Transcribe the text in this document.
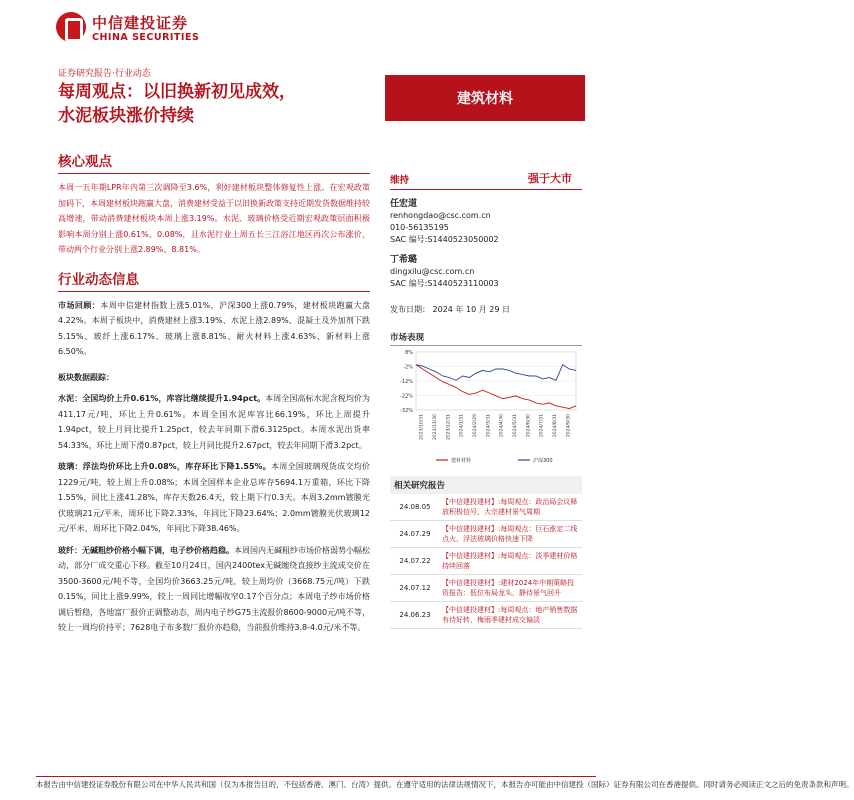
中信建投证券
CHINA SECURITIES
证券研究报告·行业动态
每周观点：以旧换新初见成效，
水泥板块涨价持续
建筑材料
核心观点

本周一五年期LPR年内第三次调降至3.6%，利好建材板块整体修复性上涨。在宏观政策加码下，本周建材板块跑赢大盘，消费建材受益于以旧换新政策支持近期发货数据维持较高增速，带动消费建材板块本周上涨3.19%。水泥、玻璃价格受近期宏观政策层面积极影响本周分别上涨0.61%、0.08%，且水泥行业上周五长三江浴江地区再次公布涨价，带动两个行业分别上涨2.89%、8.81%。

行业动态信息

市场回顾：本周中信建材指数上涨5.01%，沪深300上涨0.79%，建材板块跑赢大盘4.22%。本周子板块中，消费建材上涨3.19%、水泥上涨2.89%、混凝土及外加剂下跌5.15%、玻纤上涨6.17%、玻璃上涨8.81%、耐火材料上涨4.63%、新材料上涨6.50%。

板块数据跟踪：

水泥：全国均价上升0.61%，库容比继续提升1.94pct。本周全国高标水泥含税均价为411.17元/吨，环比上升0.61%。本周全国水泥库容比66.19%，环比上周提升1.94pct，较上月同比提升1.25pct，较去年同期下滑6.3125pct。本周水泥出货率54.33%，环比上周下滑0.87pct，较上月同比提升2.67pct，较去年同期下滑3.2pct。

玻璃：浮法均价环比上升0.08%，库存环比下降1.55%。本周全国玻璃现货成交均价1229元/吨，较上周上升0.08%；本周全国样本企业总库存5694.1万重箱，环比下降1.55%，同比上涨41.28%，库存天数26.4天，较上期下行0.3天。本周3.2mm镀膜光伏玻璃21元/平米，周环比下降2.33%，年同比下降23.64%；2.0mm镀膜光伏玻璃12元/平米，周环比下降2.04%，年同比下降38.46%。

玻纤：无碱粗纱价格小幅下调，电子纱价格趋稳。本周国内无碱粗纱市场价格弱势小幅松动，部分厂成交重心下移。截至10月24日，国内2400tex无碱缠绕直接纱主流成交价在3500-3600元/吨不等，全国均价3663.25元/吨，较上周均价（3668.75元/吨）下跌0.15%，同比上涨9.99%，较上一周同比增幅收窄0.17个百分点；本周电子纱市场价格调后暂稳，各地富厂报价正调整动态，周内电子纱G75主流报价8600-9000元/吨不等，较上一周均价持平；7628电子布多数厂报价亦趋稳，当前报价维持3.8-4.0元/米不等。

维持	强于大市
任宏道
renhongdao@csc.com.cn
010-56135195
SAC 编号:S1440523050002
丁希璐
dingxilu@csc.com.cn
SAC 编号:S1440523110003
发布日期： 2024 年 10 月 29 日
市场表现
8%
-2%
-12%
-22%
-32%
2023/10/31 2023/11/30 2023/12/31 2024/1/31 2024/2/29 2024/3/31 2024/4/30 2024/5/31 2024/6/30 2024/7/31 2024/8/31 2024/9/30
建材材料	沪深300
相关研究报告
24.08.05	【中信建投建材】:每周观点：政治局会议释放积极信号，大宗建材景气周期
24.07.29	【中信建投建材】:每周观点：巨石涨定二线点火，浮法玻璃价格快速下降
24.07.22	【中信建投建材】:每周观点：淡季建材价格持续回落
24.07.12	【中信建投建材】:建材2024年中期策略投资报告：低位布局龙头，静待景气回升
24.06.23	【中信建投建材】:每周观点：地产销售数据有待好转，梅雨季建材成交偏淡
本报告由中信建投证券股份有限公司在中华人民共和国（仅为本报告目的，不包括香港、澳门、台湾）提供。在遵守适用的法律法规情况下，本报告亦可能由中信建投（国际）证券有限公司在香港提供。同时请务必阅读正文之后的免责条款和声明。
